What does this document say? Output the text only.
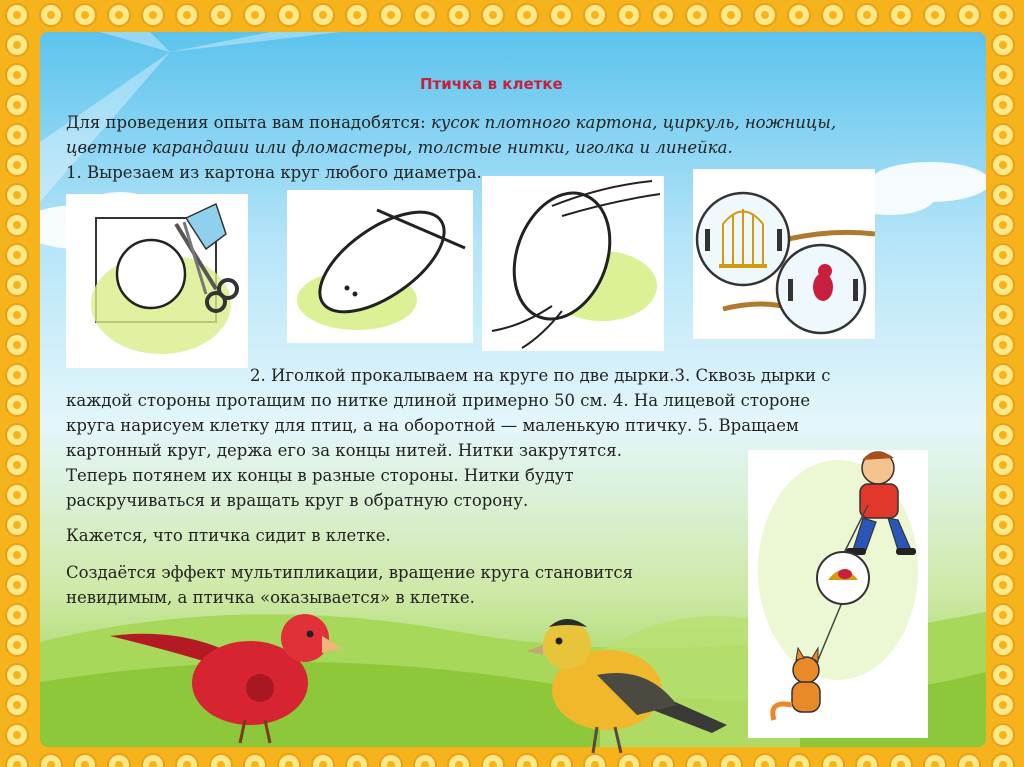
Птичка в клетке
Для проведения опыта вам понадобятся: кусок плотного картона, циркуль, ножницы,
цветные карандаши или фломастеры, толстые нитки, иголка и линейка.
1. Вырезаем из картона круг любого диаметра.
2. Иголкой прокалываем на круге по две дырки.3. Сквозь дырки с
каждой стороны протащим по нитке длиной примерно 50 см. 4. На лицевой стороне
круга нарисуем клетку для птиц, а на оборотной — маленькую птичку. 5. Вращаем
картонный круг, держа его за концы нитей. Нитки закрутятся.
Теперь потянем их концы в разные стороны. Нитки будут
раскручиваться и вращать круг в обратную сторону.
Кажется, что птичка сидит в клетке.
Создаётся эффект мультипликации, вращение круга становится
невидимым, а птичка «оказывается» в клетке.
